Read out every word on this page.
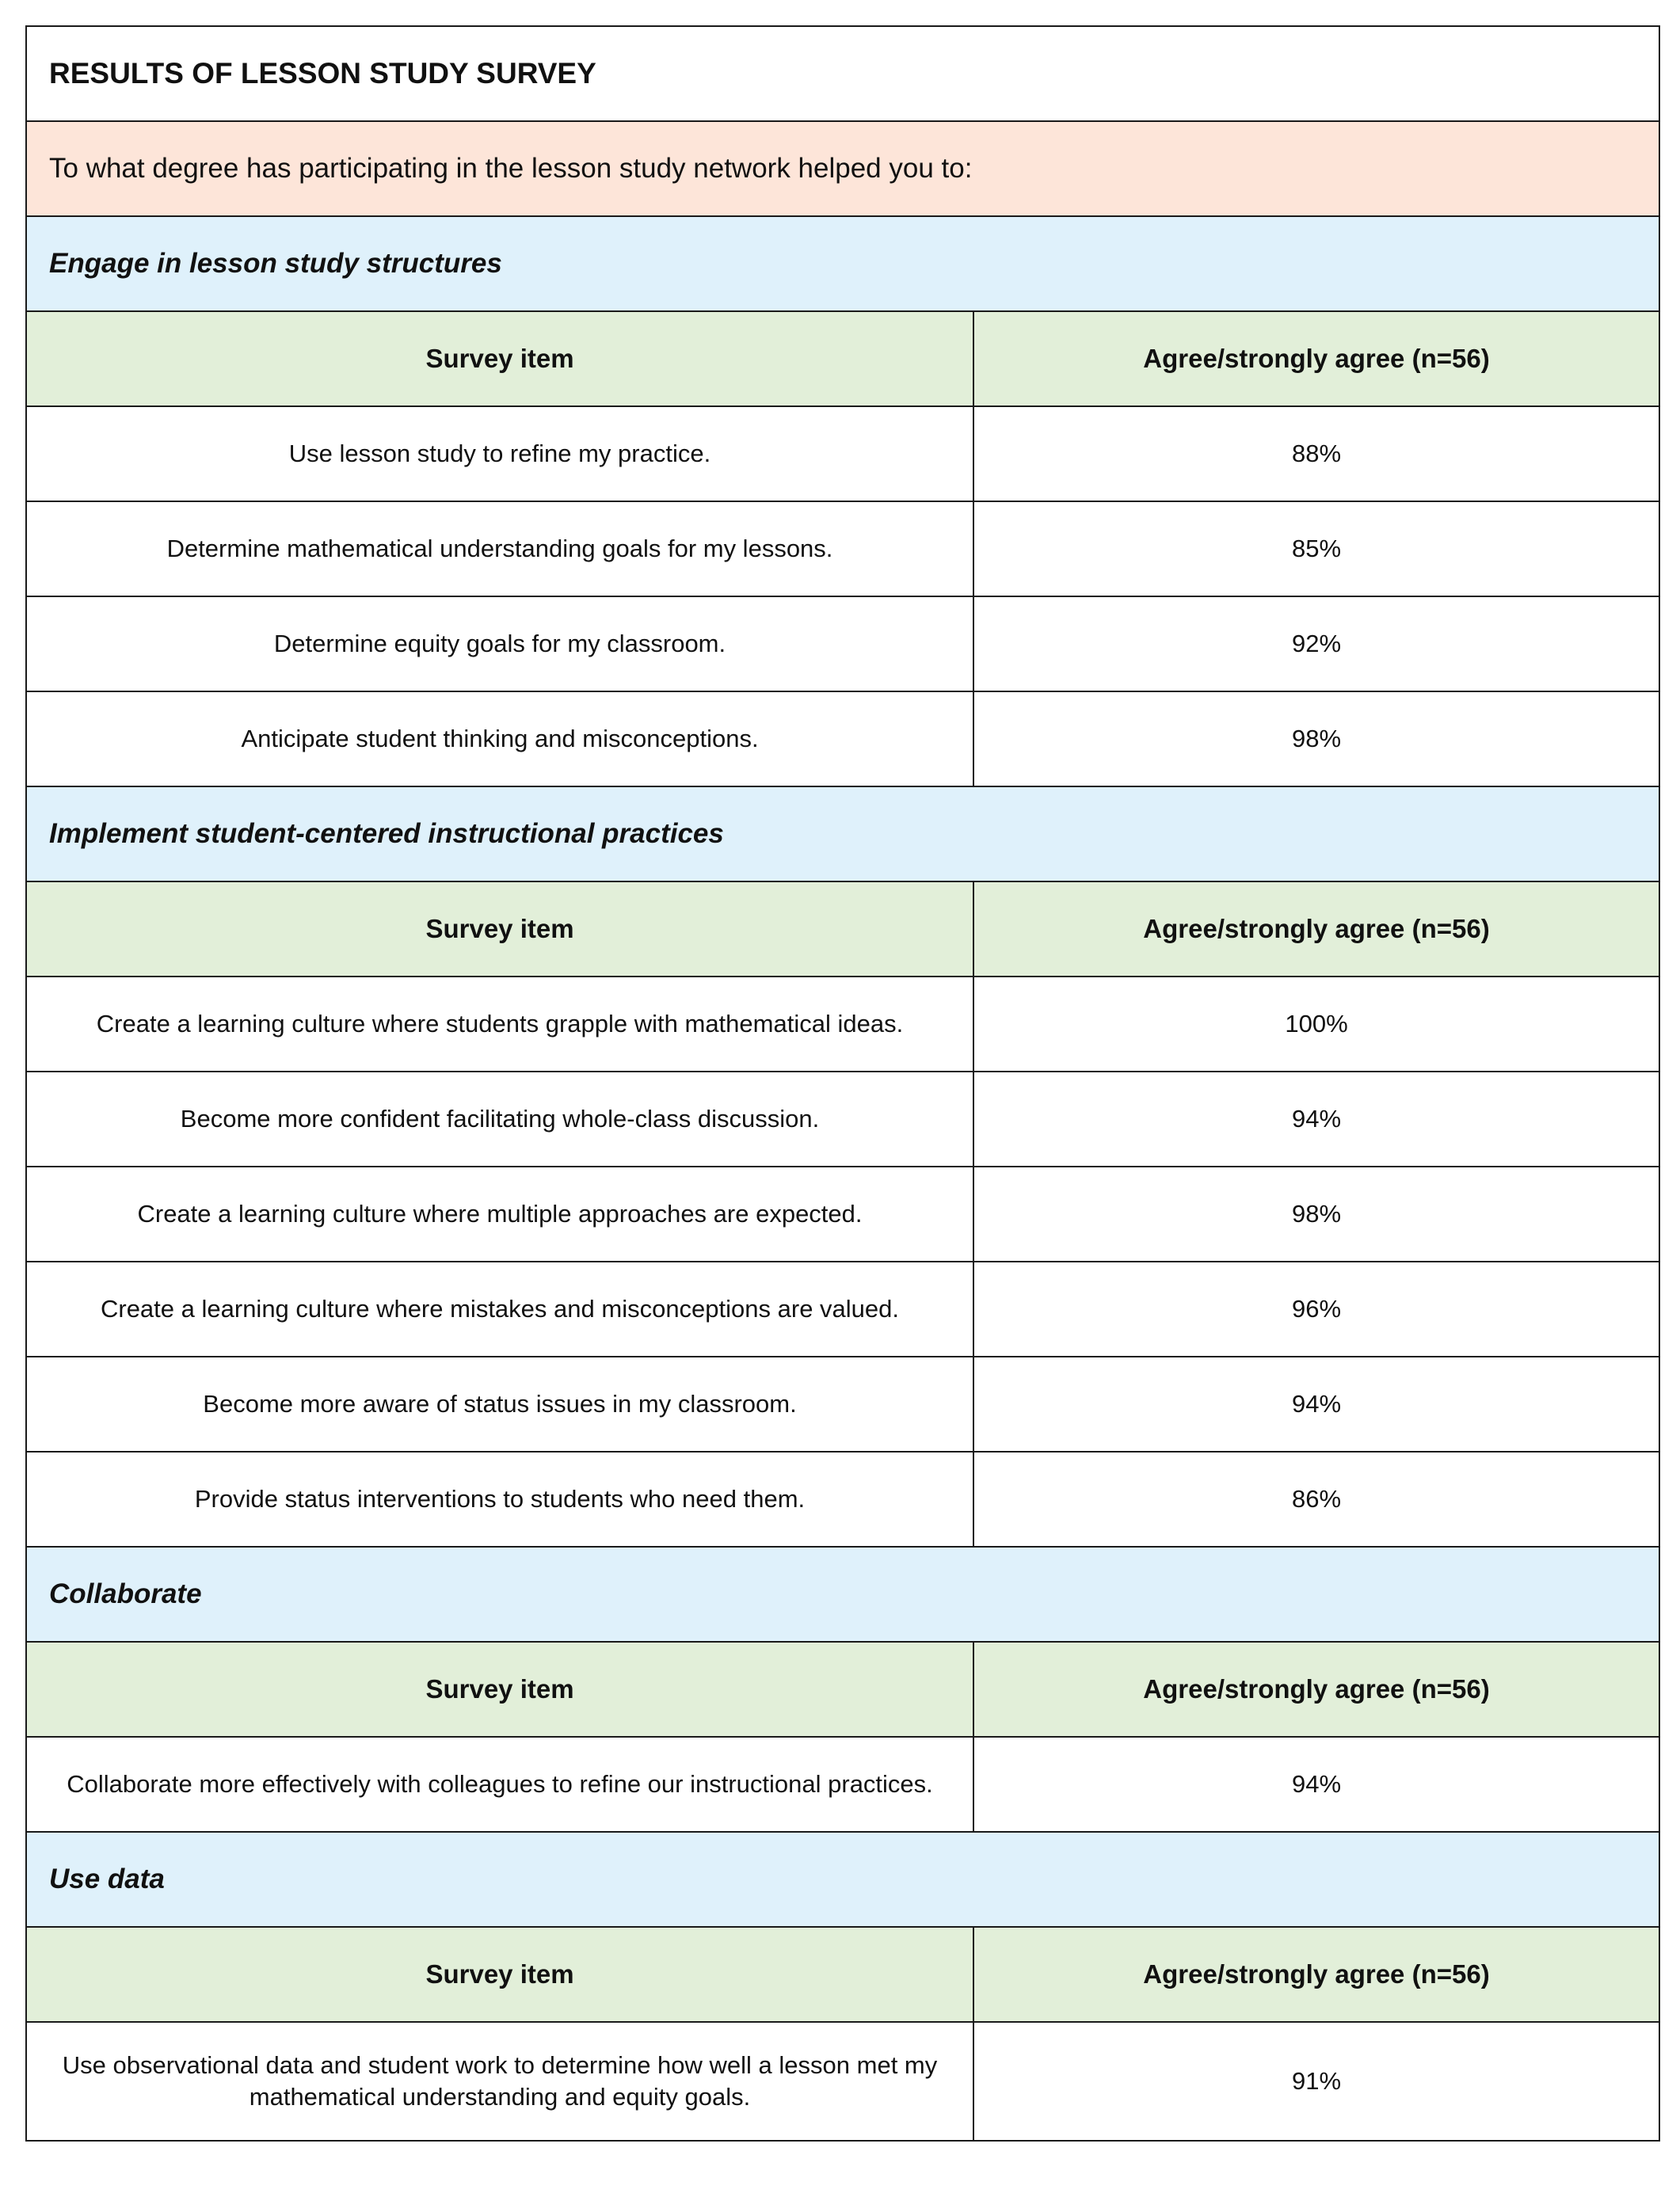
RESULTS OF LESSON STUDY SURVEY	
To what degree has participating in the lesson study network helped you to:	
Engage in lesson study structures	
Survey item	Agree/strongly agree (n=56)
Use lesson study to refine my practice.	88%
Determine mathematical understanding goals for my lessons.	85%
Determine equity goals for my classroom.	92%
Anticipate student thinking and misconceptions.	98%
Implement student-centered instructional practices	
Survey item	Agree/strongly agree (n=56)
Create a learning culture where students grapple with mathematical ideas.	100%
Become more confident facilitating whole-class discussion.	94%
Create a learning culture where multiple approaches are expected.	98%
Create a learning culture where mistakes and misconceptions are valued.	96%
Become more aware of status issues in my classroom.	94%
Provide status interventions to students who need them.	86%
Collaborate	
Survey item	Agree/strongly agree (n=56)
Collaborate more effectively with colleagues to refine our instructional practices.	94%
Use data	
Survey item	Agree/strongly agree (n=56)
Use observational data and student work to determine how well a lesson met my mathematical understanding and equity goals.	91%
